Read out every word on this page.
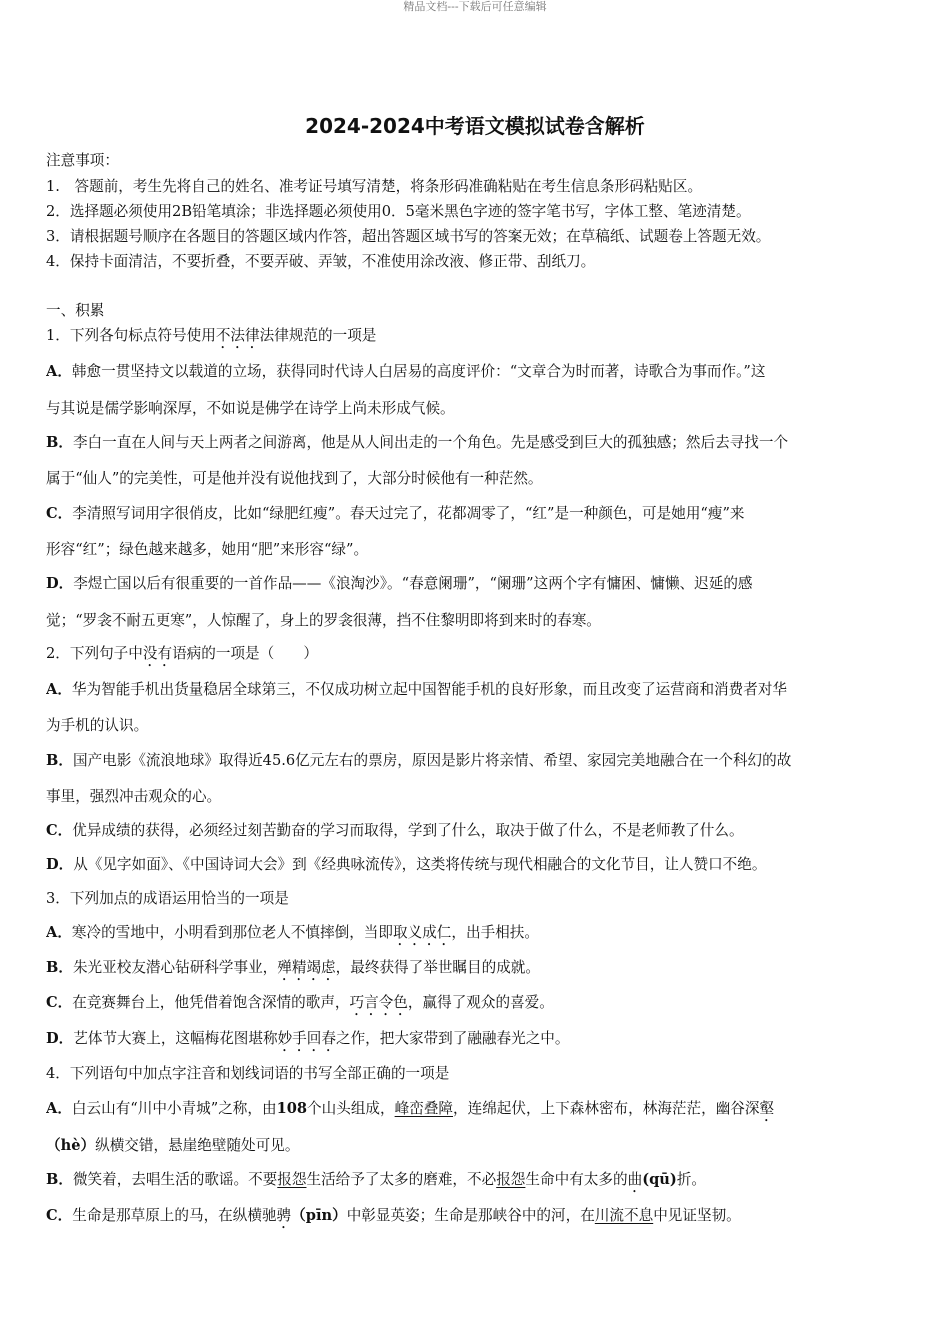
精品文档---下载后可任意编辑
2024-2024中考语文模拟试卷含解析
注意事项：
1.　答题前，考生先将自己的姓名、准考证号填写清楚，将条形码准确粘贴在考生信息条形码粘贴区。
2．选择题必须使用2B铅笔填涂；非选择题必须使用0．5毫米黑色字迹的签字笔书写，字体工整、笔迹清楚。
3．请根据题号顺序在各题目的答题区域内作答，超出答题区域书写的答案无效；在草稿纸、试题卷上答题无效。
4．保持卡面清洁，不要折叠，不要弄破、弄皱，不准使用涂改液、修正带、刮纸刀。
一、积累
1．下列各句标点符号使用不法律法律规范的一项是
A．韩愈一贯坚持文以载道的立场，获得同时代诗人白居易的高度评价：“文章合为时而著，诗歌合为事而作。”这
与其说是儒学影响深厚，不如说是佛学在诗学上尚未形成气候。
B．李白一直在人间与天上两者之间游离，他是从人间出走的一个角色。先是感受到巨大的孤独感；然后去寻找一个
属于“仙人”的完美性，可是他并没有说他找到了，大部分时候他有一种茫然。
C．李清照写词用字很俏皮，比如“绿肥红瘦”。春天过完了，花都凋零了，“红”是一种颜色，可是她用“瘦”来
形容“红”；绿色越来越多，她用“肥”来形容“绿”。
D．李煜亡国以后有很重要的一首作品——《浪淘沙》。“春意阑珊”，“阑珊”这两个字有慵困、慵懒、迟延的感
觉；“罗衾不耐五更寒”，人惊醒了，身上的罗衾很薄，挡不住黎明即将到来时的春寒。
2．下列句子中没有语病的一项是（　　）
A．华为智能手机出货量稳居全球第三，不仅成功树立起中国智能手机的良好形象，而且改变了运营商和消费者对华
为手机的认识。
B．国产电影《流浪地球》取得近45.6亿元左右的票房，原因是影片将亲情、希望、家园完美地融合在一个科幻的故
事里，强烈冲击观众的心。
C．优异成绩的获得，必须经过刻苦勤奋的学习而取得，学到了什么，取决于做了什么，不是老师教了什么。
D．从《见字如面》、《中国诗词大会》到《经典咏流传》，这类将传统与现代相融合的文化节目，让人赞口不绝。
3．下列加点的成语运用恰当的一项是
A．寒冷的雪地中，小明看到那位老人不慎摔倒，当即取义成仁，出手相扶。
B．朱光亚校友潜心钻研科学事业，殚精竭虑，最终获得了举世瞩目的成就。
C．在竞赛舞台上，他凭借着饱含深情的歌声，巧言令色，赢得了观众的喜爱。
D．艺体节大赛上，这幅梅花图堪称妙手回春之作，把大家带到了融融春光之中。
4．下列语句中加点字注音和划线词语的书写全部正确的一项是
A．白云山有“川中小青城”之称，由108个山头组成，峰峦叠障，连绵起伏，上下森林密布，林海茫茫，幽谷深壑
（hè）纵横交错，悬崖绝壁随处可见。
B．微笑着，去唱生活的歌谣。不要报怨生活给予了太多的磨难，不必报怨生命中有太多的曲(qū)折。
C．生命是那草原上的马，在纵横驰骋（pīn）中彰显英姿；生命是那峡谷中的河，在川流不息中见证坚韧。
